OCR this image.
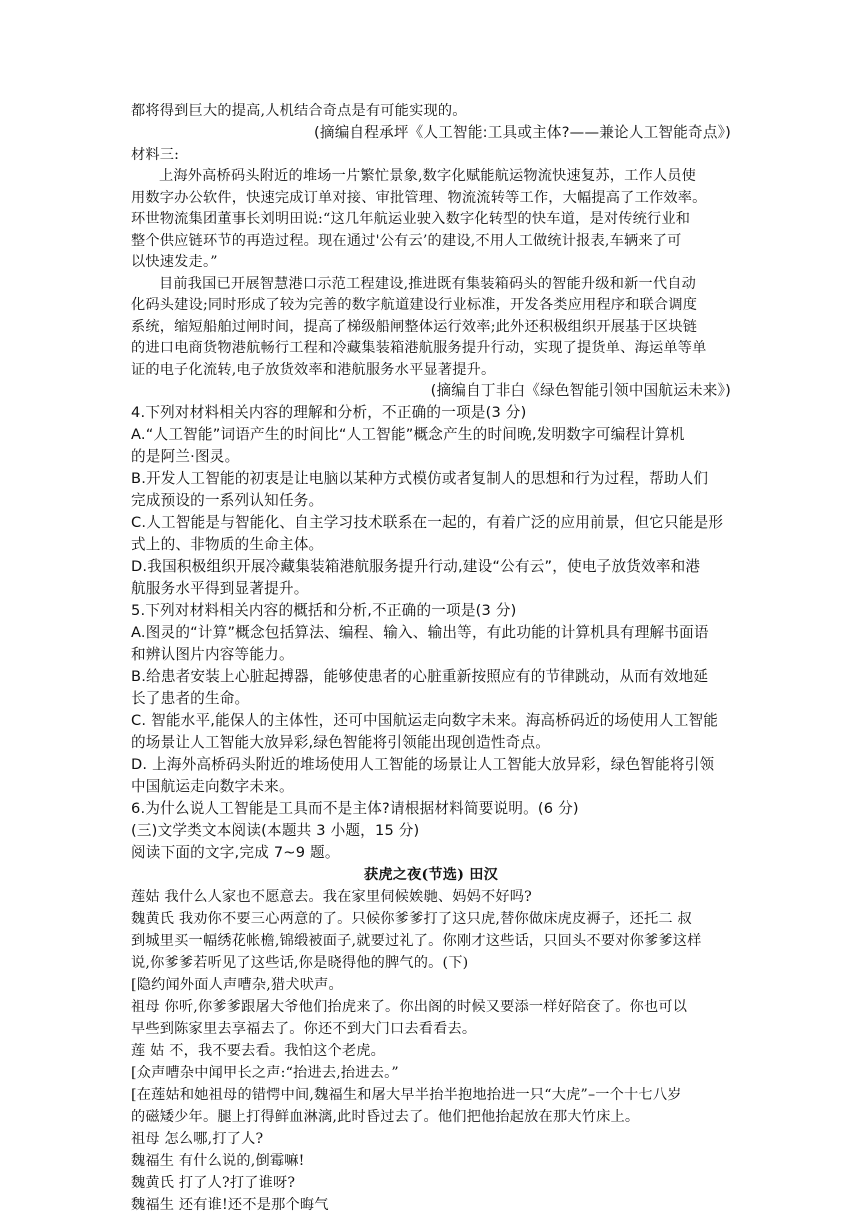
都将得到巨大的提高,人机结合奇点是有可能实现的。
(摘编自程承坪《人工智能:工具或主体?——兼论人工智能奇点》)
材料三:
上海外高桥码头附近的堆场一片繁忙景象,数字化赋能航运物流快速复苏，工作人员使
用数字办公软件，快速完成订单对接、审批管理、物流流转等工作，大幅提高了工作效率。
环世物流集团董事长刘明田说:“这几年航运业驶入数字化转型的快车道，是对传统行业和
整个供应链环节的再造过程。现在通过'公有云’的建设,不用人工做统计报表,车辆来了可
以快速发走。”
目前我国已开展智慧港口示范工程建设,推进既有集装箱码头的智能升级和新一代自动
化码头建设;同时形成了较为完善的数字航道建设行业标准，开发各类应用程序和联合调度
系统，缩短船舶过闸时间，提高了梯级船闸整体运行效率;此外还积极组织开展基于区块链
的进口电商货物港航畅行工程和冷藏集装箱港航服务提升行动，实现了提货单、海运单等单
证的电子化流转,电子放货效率和港航服务水平显著提升。
(摘编自丁非白《绿色智能引领中国航运未来》)
4.下列对材料相关内容的理解和分析，不正确的一项是(3 分)
A.“人工智能”词语产生的时间比“人工智能”概念产生的时间晚,发明数字可编程计算机
的是阿兰·图灵。
B.开发人工智能的初衷是让电脑以某种方式模仿或者复制人的思想和行为过程，帮助人们
完成预设的一系列认知任务。
C.人工智能是与智能化、自主学习技术联系在一起的，有着广泛的应用前景，但它只能是形
式上的、非物质的生命主体。
D.我国积极组织开展冷藏集装箱港航服务提升行动,建设“公有云”，使电子放货效率和港
航服务水平得到显著提升。
5.下列对材料相关内容的概括和分析,不正确的一项是(3 分)
A.图灵的“计算”概念包括算法、编程、输入、输出等，有此功能的计算机具有理解书面语
和辨认图片内容等能力。
B.给患者安装上心脏起搏器，能够使患者的心脏重新按照应有的节律跳动，从而有效地延
长了患者的生命。
C. 智能水平,能保人的主体性，还可中国航运走向数字未来。海高桥码近的场使用人工智能
的场景让人工智能大放异彩,绿色智能将引领能出现创造性奇点。
D. 上海外高桥码头附近的堆场使用人工智能的场景让人工智能大放异彩，绿色智能将引领
中国航运走向数字未来。
6.为什么说人工智能是工具而不是主体?请根据材料简要说明。(6 分)
(三)文学类文本阅读(本题共 3 小题，15 分)
阅读下面的文字,完成 7~9 题。
获虎之夜(节选) 田汉
莲姑 我什么人家也不愿意去。我在家里伺候娭毑、妈妈不好吗?
魏黄氏 我劝你不要三心两意的了。只候你爹爹打了这只虎,替你做床虎皮褥子，还托二 叔
到城里买一幅绣花帐檐,锦缎被面子,就要过礼了。你刚才这些话，只回头不要对你爹爹这样
说,你爹爹若听见了这些话,你是晓得他的脾气的。(下)
[隐约闻外面人声嘈杂,猎犬吠声。
祖母 你听,你爹爹跟屠大爷他们抬虎来了。你出阁的时候又要添一样好陪奁了。你也可以
早些到陈家里去享福去了。你还不到大门口去看看去。
莲 姑 不，我不要去看。我怕这个老虎。
[众声嘈杂中闻甲长之声:“抬进去,抬进去。”
[在莲姑和她祖母的错愕中间,魏福生和屠大早半抬半抱地抬进一只“大虎”–一个十七八岁
的磁矮少年。腿上打得鲜血淋漓,此时昏过去了。他们把他抬起放在那大竹床上。
祖母 怎么哪,打了人?
魏福生 有什么说的,倒霉嘛!
魏黄氏 打了人?打了谁呀?
魏福生 还有谁!还不是那个晦气
